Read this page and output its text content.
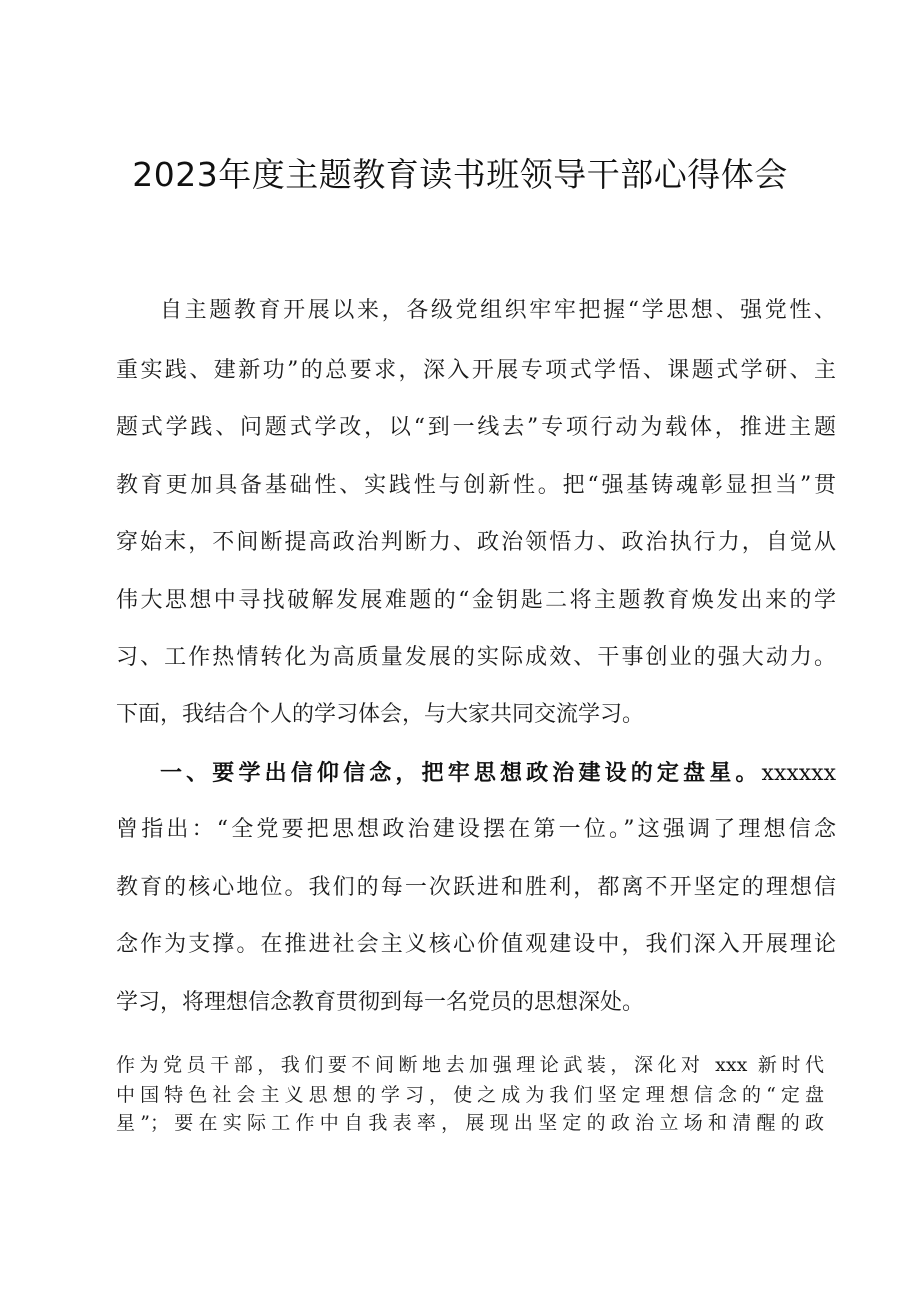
2023年度主题教育读书班领导干部心得体会

自主题教育开展以来，各级党组织牢牢把握“学思想、强党性、

重实践、建新功”的总要求，深入开展专项式学悟、课题式学研、主

题式学践、问题式学改，以“到一线去”专项行动为载体，推进主题

教育更加具备基础性、实践性与创新性。把“强基铸魂彰显担当”贯

穿始末，不间断提高政治判断力、政治领悟力、政治执行力，自觉从

伟大思想中寻找破解发展难题的“金钥匙二将主题教育焕发出来的学

习、工作热情转化为高质量发展的实际成效、干事创业的强大动力。

下面，我结合个人的学习体会，与大家共同交流学习。

一、要学出信仰信念，把牢思想政治建设的定盘星。xxxxxx

曾指出：“全党要把思想政治建设摆在第一位。”这强调了理想信念

教育的核心地位。我们的每一次跃进和胜利，都离不开坚定的理想信

念作为支撑。在推进社会主义核心价值观建设中，我们深入开展理论

学习，将理想信念教育贯彻到每一名党员的思想深处。

作为党员干部，我们要不间断地去加强理论武装，深化对 xxx 新时代

中国特色社会主义思想的学习，使之成为我们坚定理想信念的“定盘

星”；要在实际工作中自我表率，展现出坚定的政治立场和清醒的政
